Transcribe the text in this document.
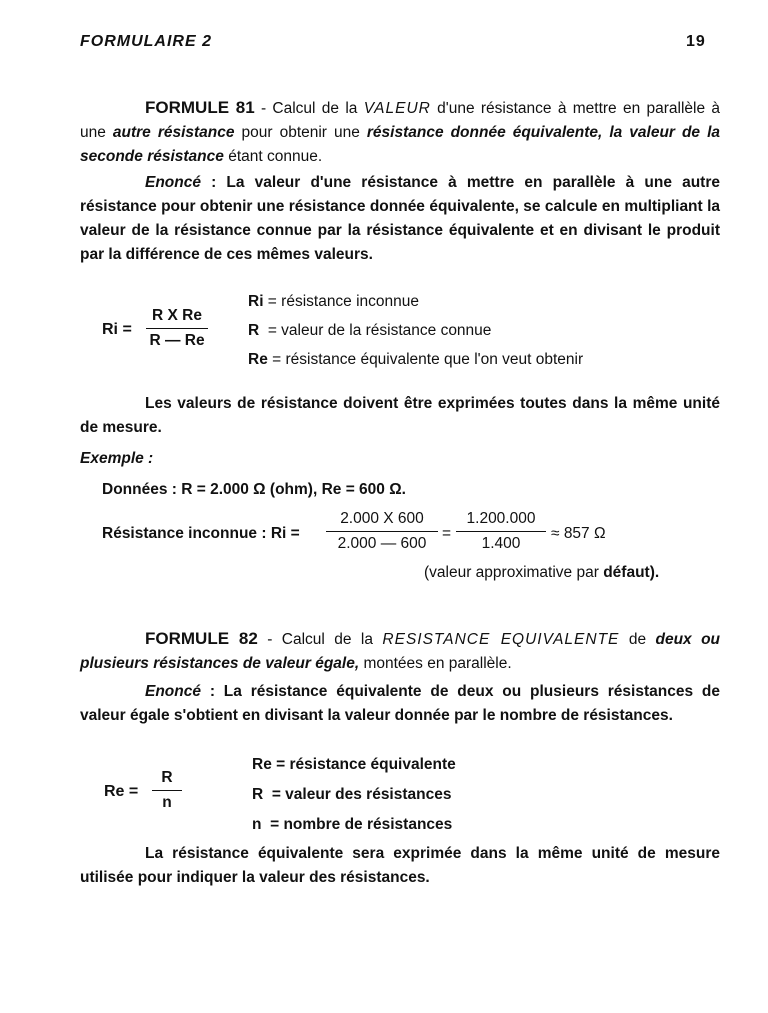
FORMULAIRE 2	19
FORMULE 81 - Calcul de la VALEUR d'une résistance à mettre en parallèle à une autre résistance pour obtenir une résistance donnée équivalente, la valeur de la seconde résistance étant connue.
Enoncé : La valeur d'une résistance à mettre en parallèle à une autre résistance pour obtenir une résistance donnée équivalente, se calcule en multipliant la valeur de la résistance connue par la résistance équivalente et en divisant le produit par la différence de ces mêmes valeurs.
Ri =
R X Re
R — Re
Ri = résistance inconnue
R  = valeur de la résistance connue
Re = résistance équivalente que l'on veut obtenir
Les valeurs de résistance doivent être exprimées toutes dans la même unité de mesure.
Exemple :
Données : R = 2.000 Ω (ohm), Re = 600 Ω.
Résistance inconnue : Ri =
2.000 X 600
2.000 — 600
=
1.200.000
1.400
≈ 857 Ω
(valeur approximative par défaut).
FORMULE 82 - Calcul de la RESISTANCE EQUIVALENTE de deux ou plusieurs résistances de valeur égale, montées en parallèle.
Enoncé : La résistance équivalente de deux ou plusieurs résistances de valeur égale s'obtient en divisant la valeur donnée par le nombre de résistances.
Re =
R
n
Re = résistance équivalente
R  = valeur des résistances
n  = nombre de résistances
La résistance équivalente sera exprimée dans la même unité de mesure utilisée pour indiquer la valeur des résistances.
